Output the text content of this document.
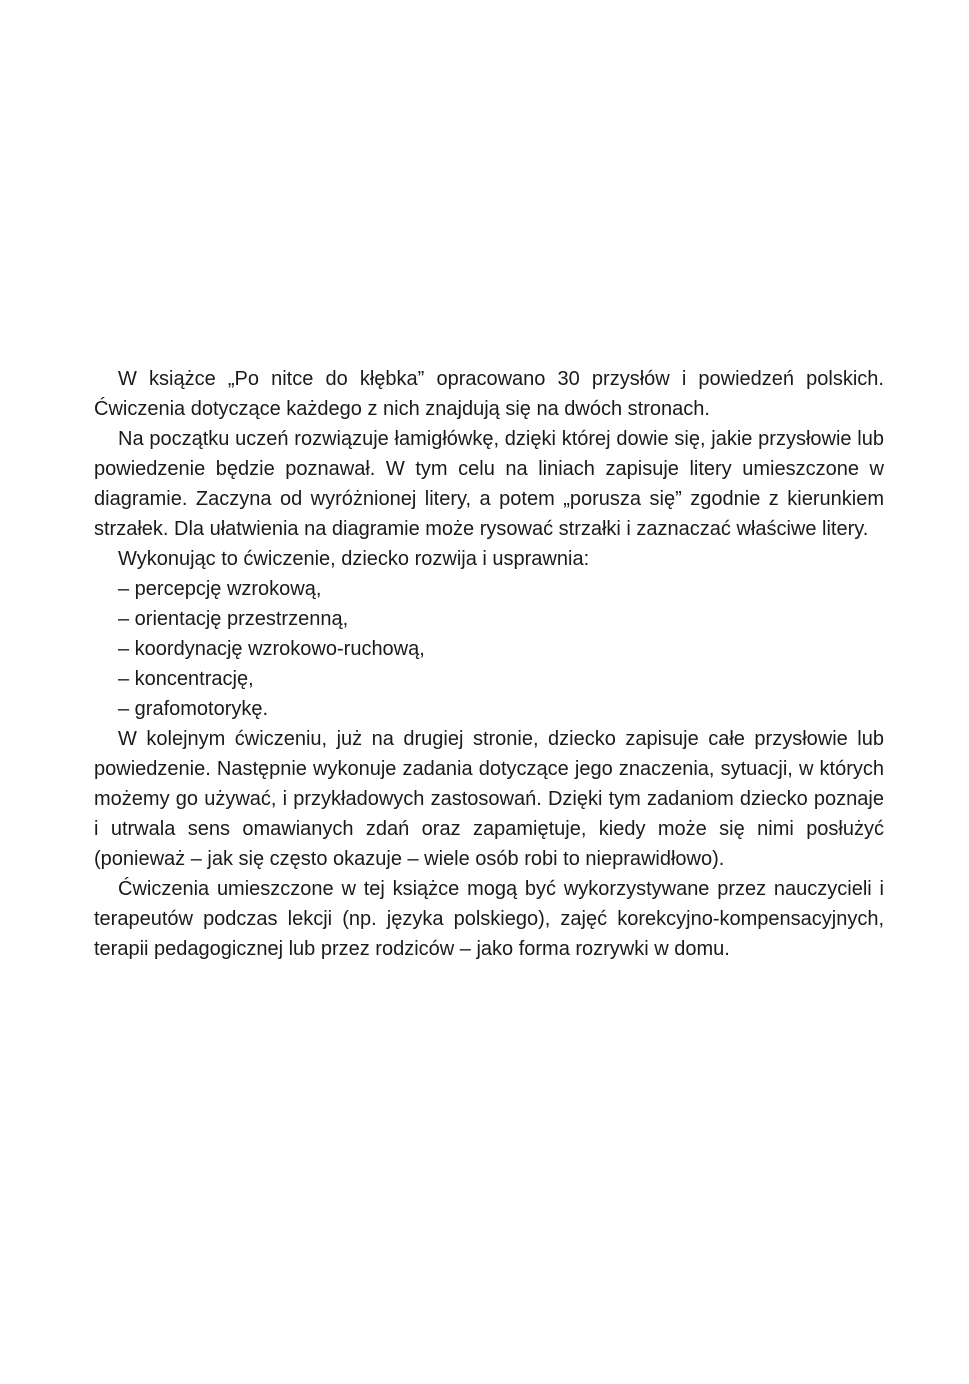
W książce „Po nitce do kłębka” opracowano 30 przysłów i powiedzeń polskich. Ćwiczenia dotyczące każdego z nich znajdują się na dwóch stronach.

Na początku uczeń rozwiązuje łamigłówkę, dzięki której dowie się, jakie przysłowie lub powiedzenie będzie poznawał. W tym celu na liniach zapisuje litery umieszczone w diagramie. Zaczyna od wyróżnionej litery, a potem „porusza się” zgodnie z kierunkiem strzałek. Dla ułatwienia na diagramie może rysować strzałki i zaznaczać właściwe litery.

Wykonując to ćwiczenie, dziecko rozwija i usprawnia:

– percepcję wzrokową,
– orientację przestrzenną,
– koordynację wzrokowo-ruchową,
– koncentrację,
– grafomotorykę.

W kolejnym ćwiczeniu, już na drugiej stronie, dziecko zapisuje całe przysłowie lub powiedzenie. Następnie wykonuje zadania dotyczące jego znaczenia, sytuacji, w których możemy go używać, i przykładowych zastosowań. Dzięki tym zadaniom dziecko poznaje i utrwala sens omawianych zdań oraz zapamiętuje, kiedy może się nimi posłużyć (ponieważ – jak się często okazuje – wiele osób robi to nieprawidłowo).

Ćwiczenia umieszczone w tej książce mogą być wykorzystywane przez nauczycieli i terapeutów podczas lekcji (np. języka polskiego), zajęć korekcyjno-kompensacyjnych, terapii pedagogicznej lub przez rodziców – jako forma rozrywki w domu.
